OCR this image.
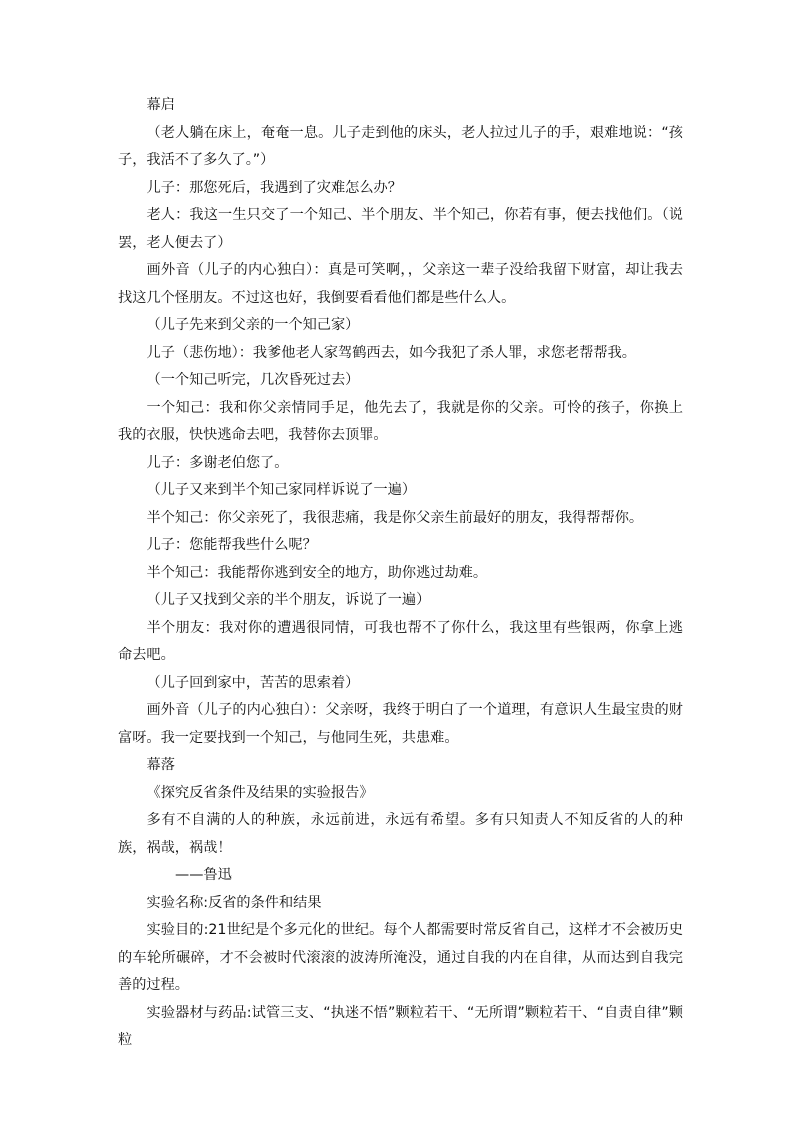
幕启

（老人躺在床上，奄奄一息。儿子走到他的床头，老人拉过儿子的手，艰难地说：“孩子，我活不了多久了。”）

儿子：那您死后，我遇到了灾难怎么办？

老人：我这一生只交了一个知己、半个朋友、半个知己，你若有事，便去找他们。（说罢，老人便去了）

画外音（儿子的内心独白）：真是可笑啊，，父亲这一辈子没给我留下财富，却让我去找这几个怪朋友。不过这也好，我倒要看看他们都是些什么人。

（儿子先来到父亲的一个知己家）

儿子（悲伤地）：我爹他老人家驾鹤西去，如今我犯了杀人罪，求您老帮帮我。

（一个知己听完，几次昏死过去）

一个知己：我和你父亲情同手足，他先去了，我就是你的父亲。可怜的孩子，你换上我的衣服，快快逃命去吧，我替你去顶罪。

儿子：多谢老伯您了。

（儿子又来到半个知己家同样诉说了一遍）

半个知己：你父亲死了，我很悲痛，我是你父亲生前最好的朋友，我得帮帮你。

儿子：您能帮我些什么呢？

半个知己：我能帮你逃到安全的地方，助你逃过劫难。

（儿子又找到父亲的半个朋友，诉说了一遍）

半个朋友：我对你的遭遇很同情，可我也帮不了你什么，我这里有些银两，你拿上逃命去吧。

（儿子回到家中，苦苦的思索着）

画外音（儿子的内心独白）：父亲呀，我终于明白了一个道理，有意识人生最宝贵的财富呀。我一定要找到一个知己，与他同生死，共患难。

幕落

《探究反省条件及结果的实验报告》

多有不自满的人的种族，永远前进，永远有希望。多有只知责人不知反省的人的种族，祸哉，祸哉！

——鲁迅

实验名称:反省的条件和结果

实验目的:21世纪是个多元化的世纪。每个人都需要时常反省自己，这样才不会被历史的车轮所碾碎，才不会被时代滚滚的波涛所淹没，通过自我的内在自律，从而达到自我完善的过程。

实验器材与药品:试管三支、“执迷不悟”颗粒若干、“无所谓”颗粒若干、“自责自律”颗粒
